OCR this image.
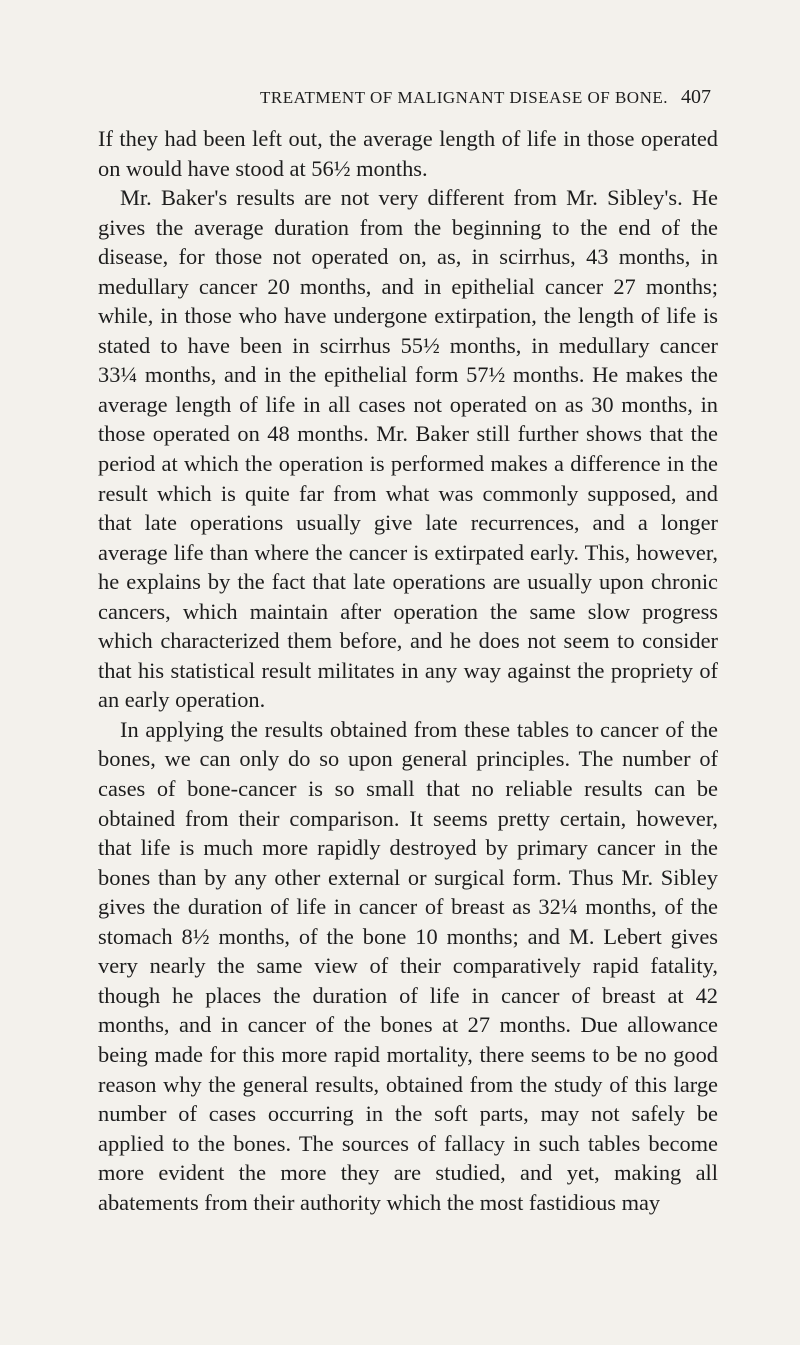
TREATMENT OF MALIGNANT DISEASE OF BONE. 407

If they had been left out, the average length of life in those operated on would have stood at 56½ months.

Mr. Baker's results are not very different from Mr. Sibley's. He gives the average duration from the beginning to the end of the disease, for those not operated on, as, in scirrhus, 43 months, in medullary cancer 20 months, and in epithelial cancer 27 months; while, in those who have undergone extirpation, the length of life is stated to have been in scirrhus 55½ months, in medullary cancer 33¼ months, and in the epithelial form 57½ months. He makes the average length of life in all cases not operated on as 30 months, in those operated on 48 months. Mr. Baker still further shows that the period at which the operation is performed makes a difference in the result which is quite far from what was commonly supposed, and that late operations usually give late recurrences, and a longer average life than where the cancer is extirpated early. This, however, he explains by the fact that late operations are usually upon chronic cancers, which maintain after operation the same slow progress which characterized them before, and he does not seem to consider that his statistical result militates in any way against the propriety of an early operation.

In applying the results obtained from these tables to cancer of the bones, we can only do so upon general principles. The number of cases of bone-cancer is so small that no reliable results can be obtained from their comparison. It seems pretty certain, however, that life is much more rapidly destroyed by primary cancer in the bones than by any other external or surgical form. Thus Mr. Sibley gives the duration of life in cancer of breast as 32¼ months, of the stomach 8½ months, of the bone 10 months; and M. Lebert gives very nearly the same view of their comparatively rapid fatality, though he places the duration of life in cancer of breast at 42 months, and in cancer of the bones at 27 months. Due allowance being made for this more rapid mortality, there seems to be no good reason why the general results, obtained from the study of this large number of cases occurring in the soft parts, may not safely be applied to the bones. The sources of fallacy in such tables become more evident the more they are studied, and yet, making all abatements from their authority which the most fastidious may
